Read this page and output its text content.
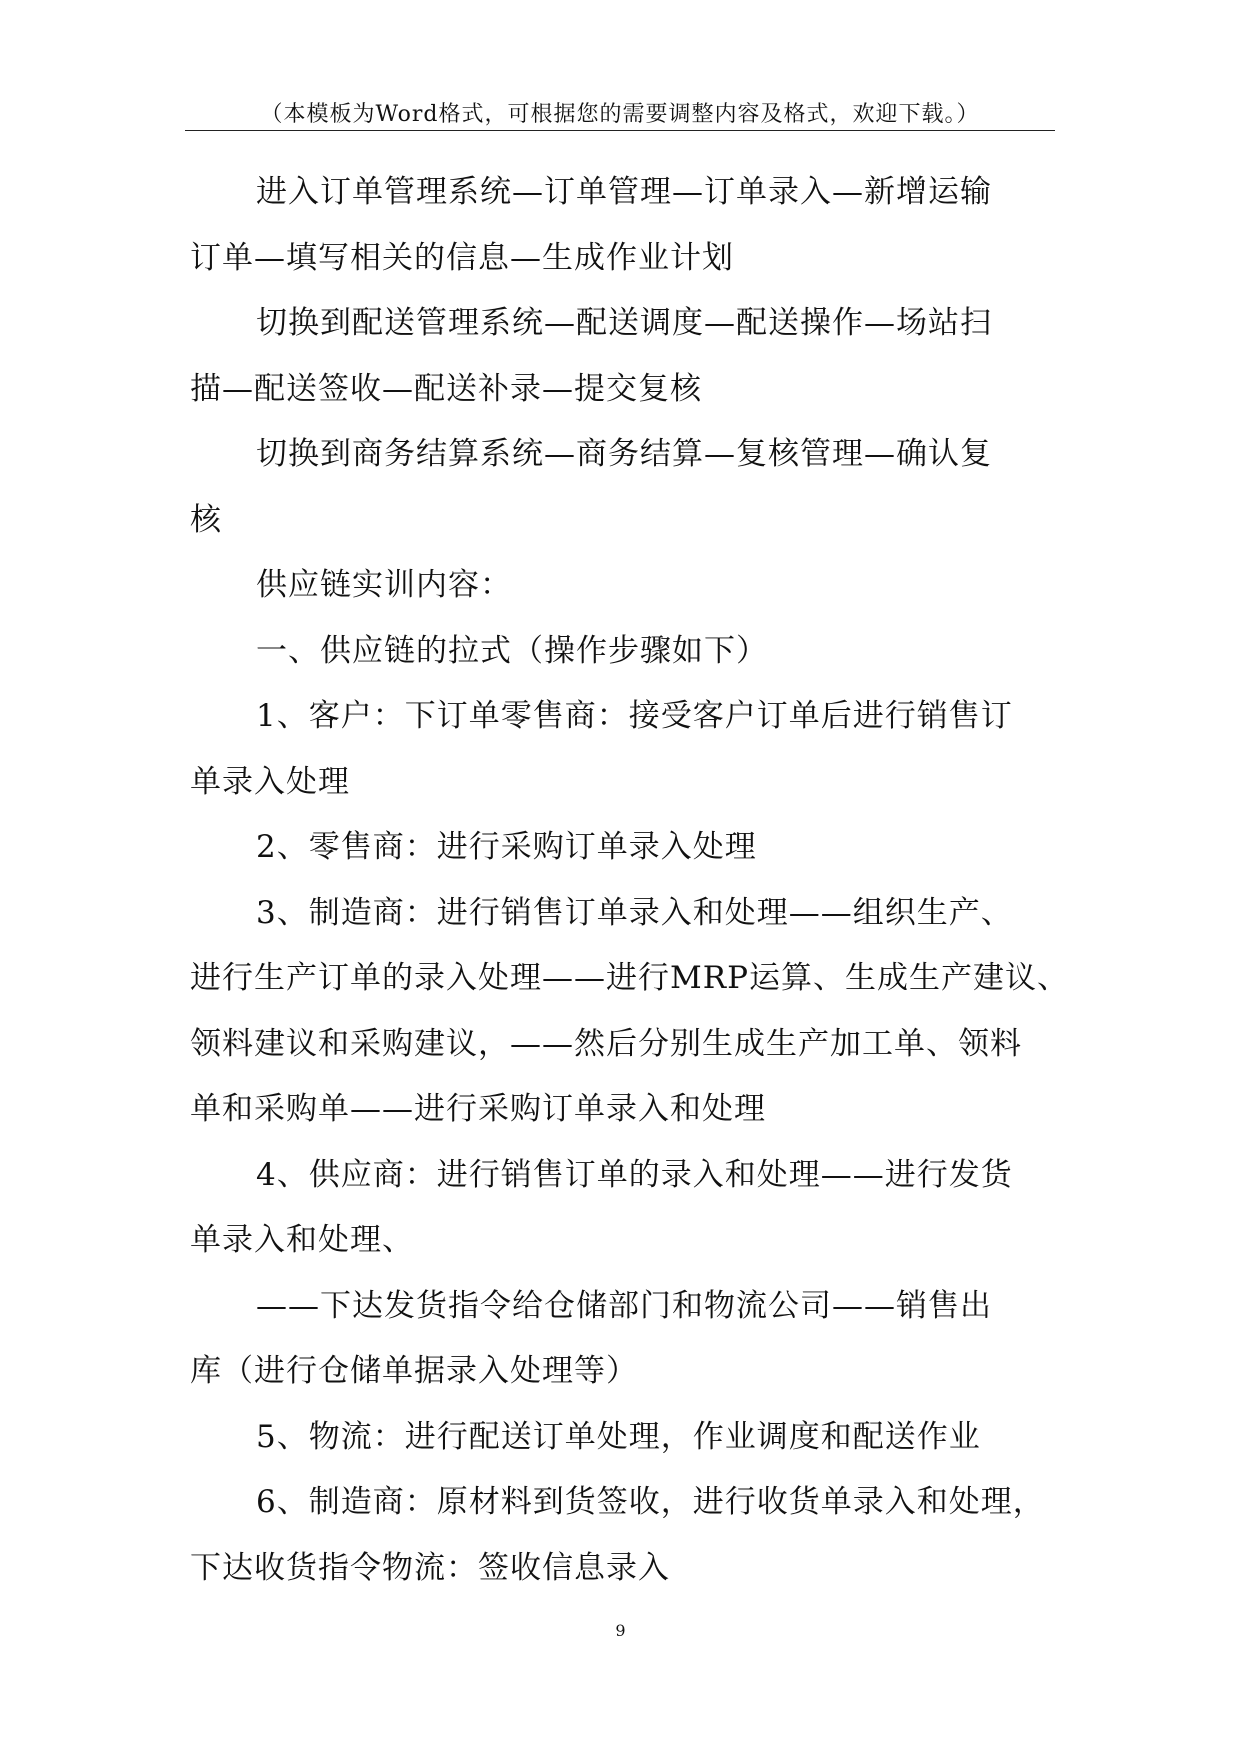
（本模板为Word格式，可根据您的需要调整内容及格式，欢迎下载。）
进入订单管理系统—订单管理—订单录入—新增运输
订单—填写相关的信息—生成作业计划
切换到配送管理系统—配送调度—配送操作—场站扫
描—配送签收—配送补录—提交复核
切换到商务结算系统—商务结算—复核管理—确认复
核
供应链实训内容：
一、供应链的拉式（操作步骤如下）
1、客户：下订单零售商：接受客户订单后进行销售订
单录入处理
2、零售商：进行采购订单录入处理
3、制造商：进行销售订单录入和处理——组织生产、
进行生产订单的录入处理——进行MRP运算、生成生产建议、
领料建议和采购建议，——然后分别生成生产加工单、领料
单和采购单——进行采购订单录入和处理
4、供应商：进行销售订单的录入和处理——进行发货
单录入和处理、
——下达发货指令给仓储部门和物流公司——销售出
库（进行仓储单据录入处理等）
5、物流：进行配送订单处理，作业调度和配送作业
6、制造商：原材料到货签收，进行收货单录入和处理，
下达收货指令物流：签收信息录入
9
